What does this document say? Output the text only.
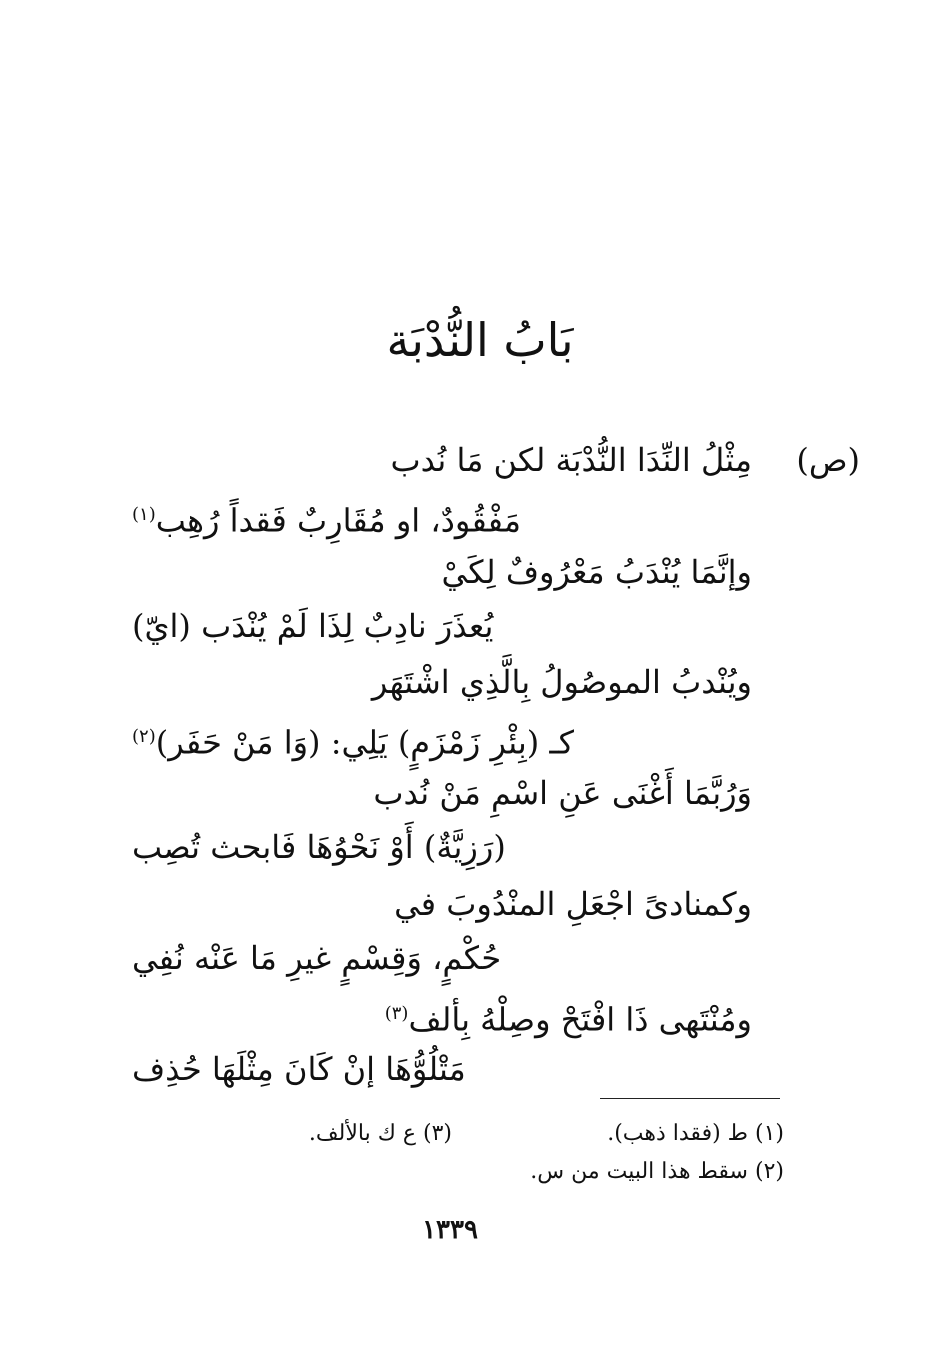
بَابُ النُّدْبَة
(ص)
مِثْلُ النِّدَا النُّدْبَة لكن مَا نُدب
مَفْقُودٌ، او مُقَارِبٌ فَقداً رُهِب$^{(١)}$
وإنَّمَا يُنْدَبُ مَعْرُوفٌ لِكَيْ
يُعذَرَ نادِبٌ لِذَا لَمْ يُنْدَب (ايّ)
ويُنْدبُ الموصُولُ بِالَّذِي اشْتَهَر
كـ (بِئْرِ زَمْزَمٍ) يَلِي: (وَا مَنْ حَفَر)$^{(٢)}$
وَرُبَّمَا أَغْنَى عَنِ اسْمِ مَنْ نُدب
(رَزِيَّةٌ) أَوْ نَحْوُهَا فَابحث تُصِب
وكمنادىً اجْعَلِ المنْدُوبَ في
حُكْمٍ، وَقِسْمٍ غيرِ مَا عَنْه نُفِي
ومُنْتَهى ذَا افْتَحْ وصِلْهُ بِألف$^{(٣)}$
مَتْلُوُّهَا إنْ كَانَ مِثْلَهَا حُذِف
(١) ط (فقدا ذهب).
(٣) ع ك بالألف.
(٢) سقط هذا البيت من س.
١٣٣٩
